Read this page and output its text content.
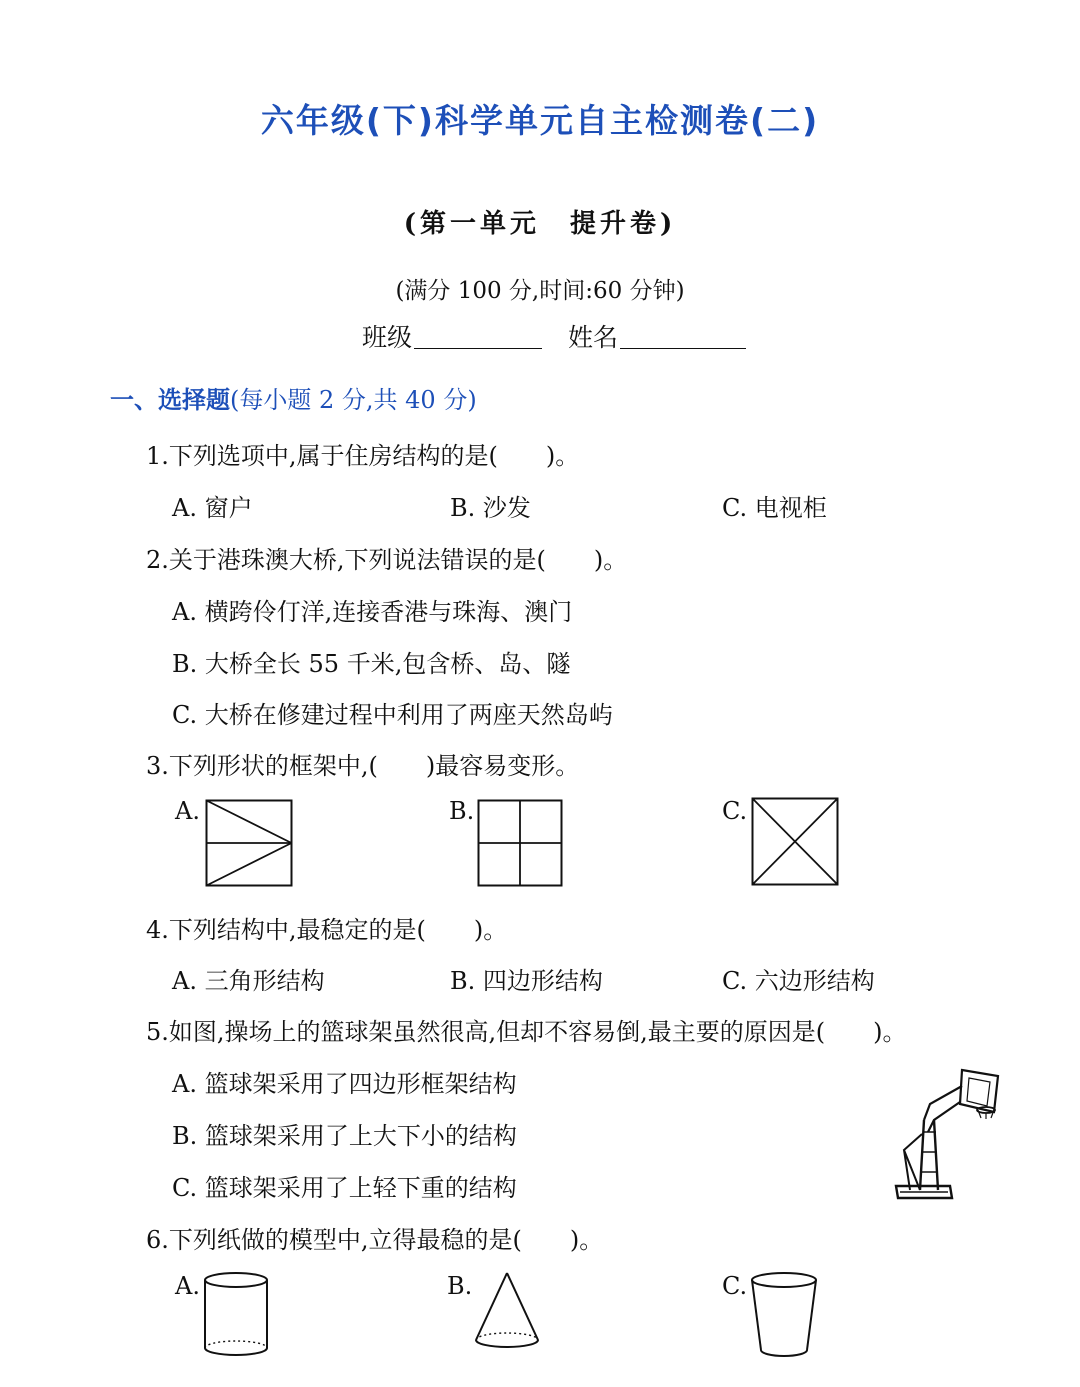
六年级(下)科学单元自主检测卷(二)
(第一单元　提升卷)
(满分 100 分,时间:60 分钟)
班级	姓名
一、选择题(每小题 2 分,共 40 分)
1.下列选项中,属于住房结构的是(　　)。
A. 窗户	B. 沙发	C. 电视柜
2.关于港珠澳大桥,下列说法错误的是(　　)。
A. 横跨伶仃洋,连接香港与珠海、澳门
B. 大桥全长 55 千米,包含桥、岛、隧
C. 大桥在修建过程中利用了两座天然岛屿
3.下列形状的框架中,(　　)最容易变形。
A.	B.	C.
4.下列结构中,最稳定的是(　　)。
A. 三角形结构	B. 四边形结构	C. 六边形结构
5.如图,操场上的篮球架虽然很高,但却不容易倒,最主要的原因是(　　)。
A. 篮球架采用了四边形框架结构
B. 篮球架采用了上大下小的结构
C. 篮球架采用了上轻下重的结构
6.下列纸做的模型中,立得最稳的是(　　)。
A.	B.	C.
